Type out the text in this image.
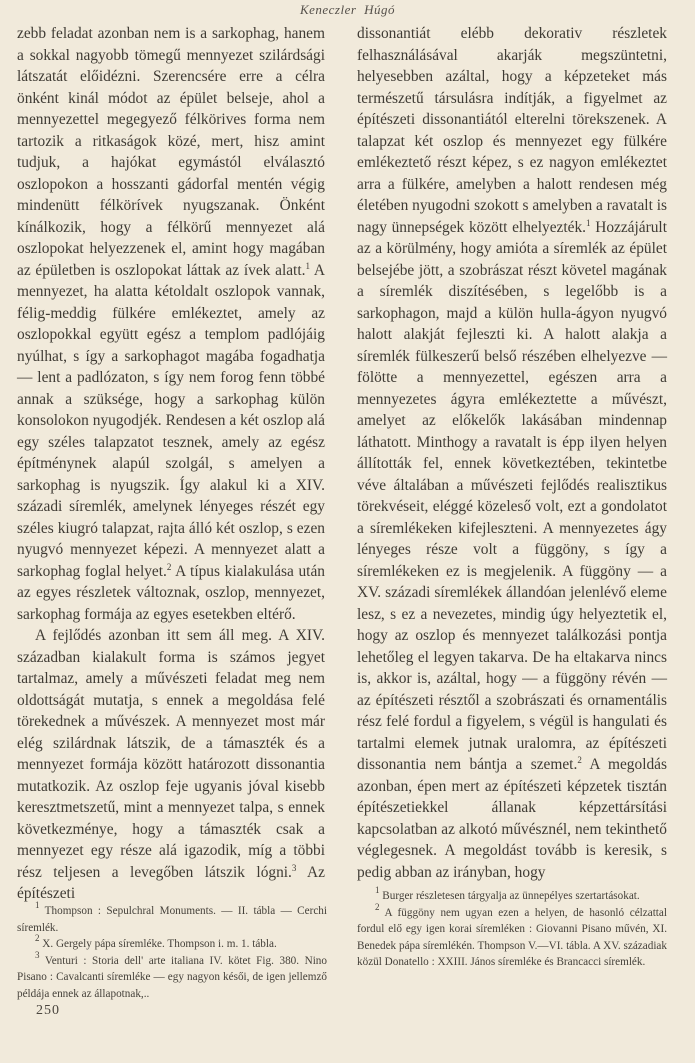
Keneczler Húgó

zebb feladat azonban nem is a sarkophag, hanem a sokkal nagyobb tömegű mennyezet szilárdsági látszatát előidézni. Szerencsére erre a célra önként kinál módot az épület belseje, ahol a mennyezettel megegyező félkörives forma nem tartozik a ritkaságok közé, mert, hisz amint tudjuk, a hajókat egymástól elválasztó oszlopokon a hosszanti gádorfal mentén végig mindenütt félkörívek nyugszanak. Önként kínálkozik, hogy a félkörű mennyezet alá oszlopokat helyezzenek el, amint hogy magában az épületben is oszlopokat láttak az ívek alatt.$^1$ A mennyezet, ha alatta kétoldalt oszlopok vannak, félig-meddig fülkére emlékeztet, amely az oszlopokkal együtt egész a templom padlójáig nyúlhat, s így a sarkophagot magába fogadhatja — lent a padlózaton, s így nem forog fenn többé annak a szüksége, hogy a sarkophag külön konsolokon nyugodjék. Rendesen a két oszlop alá egy széles talapzatot tesznek, amely az egész építménynek alapúl szolgál, s amelyen a sarkophag is nyugszik. Így alakul ki a XIV. századi síremlék, amelynek lényeges részét egy széles kiugró talapzat, rajta álló két oszlop, s ezen nyugvó mennyezet képezi. A mennyezet alatt a sarkophag foglal helyet.$^2$ A típus kialakulása után az egyes részletek változnak, oszlop, mennyezet, sarkophag formája az egyes esetekben eltérő.

A fejlődés azonban itt sem áll meg. A XIV. században kialakult forma is számos jegyet tartalmaz, amely a művészeti feladat meg nem oldottságát mutatja, s ennek a megoldása felé törekednek a művészek. A mennyezet most már elég szilárdnak látszik, de a támaszték és a mennyezet formája között határozott dissonantia mutatkozik. Az oszlop feje ugyanis jóval kisebb keresztmetszetű, mint a mennyezet talpa, s ennek következménye, hogy a támaszték csak a mennyezet egy része alá igazodik, míg a többi rész teljesen a levegőben látszik lógni.$^3$ Az építészeti

dissonantiát elébb dekorativ részletek felhasználásával akarják megszüntetni, helyesebben azáltal, hogy a képzeteket más természetű társulásra indítják, a figyelmet az építészeti dissonantiától elterelni törekszenek. A talapzat két oszlop és mennyezet egy fülkére emlékeztető részt képez, s ez nagyon emlékeztet arra a fülkére, amelyben a halott rendesen még életében nyugodni szokott s amelyben a ravatalt is nagy ünnepségek között elhelyezték.$^1$ Hozzájárult az a körülmény, hogy amióta a síremlék az épület belsejébe jött, a szobrászat részt követel magának a síremlék diszítésében, s legelőbb is a sarkophagon, majd a külön hulla-ágyon nyugvó halott alakját fejleszti ki. A halott alakja a síremlék fülkeszerű belső részében elhelyezve — fölötte a mennyezettel, egészen arra a mennyezetes ágyra emlékeztette a művészt, amelyet az előkelők lakásában mindennap láthatott. Minthogy a ravatalt is épp ilyen helyen állították fel, ennek következtében, tekintetbe véve általában a művészeti fejlődés realisztikus törekvéseit, eléggé közeleső volt, ezt a gondolatot a síremlékeken kifejleszteni. A mennyezetes ágy lényeges része volt a függöny, s így a síremlékeken ez is megjelenik. A függöny — a XV. századi síremlékek állandóan jelenlévő eleme lesz, s ez a nevezetes, mindig úgy helyeztetik el, hogy az oszlop és mennyezet találkozási pontja lehetőleg el legyen takarva. De ha eltakarva nincs is, akkor is, azáltal, hogy — a függöny révén — az építészeti résztől a szobrászati és ornamentális rész felé fordul a figyelem, s végül is hangulati és tartalmi elemek jutnak uralomra, az építészeti dissonantia nem bántja a szemet.$^2$ A megoldás azonban, épen mert az építészeti képzetek tisztán építészetiekkel állanak képzettársítási kapcsolatban az alkotó művésznél, nem tekinthető véglegesnek. A megoldást tovább is keresik, s pedig abban az irányban, hogy

$^1$ Thompson : Sepulchral Monuments. — II. tábla — Cerchi síremlék.

$^2$ X. Gergely pápa síremléke. Thompson i. m. 1. tábla.

$^3$ Venturi : Storia dell' arte italiana IV. kötet Fig. 380. Nino Pisano : Cavalcanti síremléke — egy nagyon késői, de igen jellemző példája ennek az állapotnak,..

$^1$ Burger részletesen tárgyalja az ünnepélyes szertartásokat.

$^2$ A függöny nem ugyan ezen a helyen, de hasonló célzattal fordul elő egy igen korai síremléken : Giovanni Pisano művén, XI. Benedek pápa síremlékén. Thompson V.—VI. tábla. A XV. századiak közül Donatello : XXIII. János síremléke és Brancacci síremlék.

250
